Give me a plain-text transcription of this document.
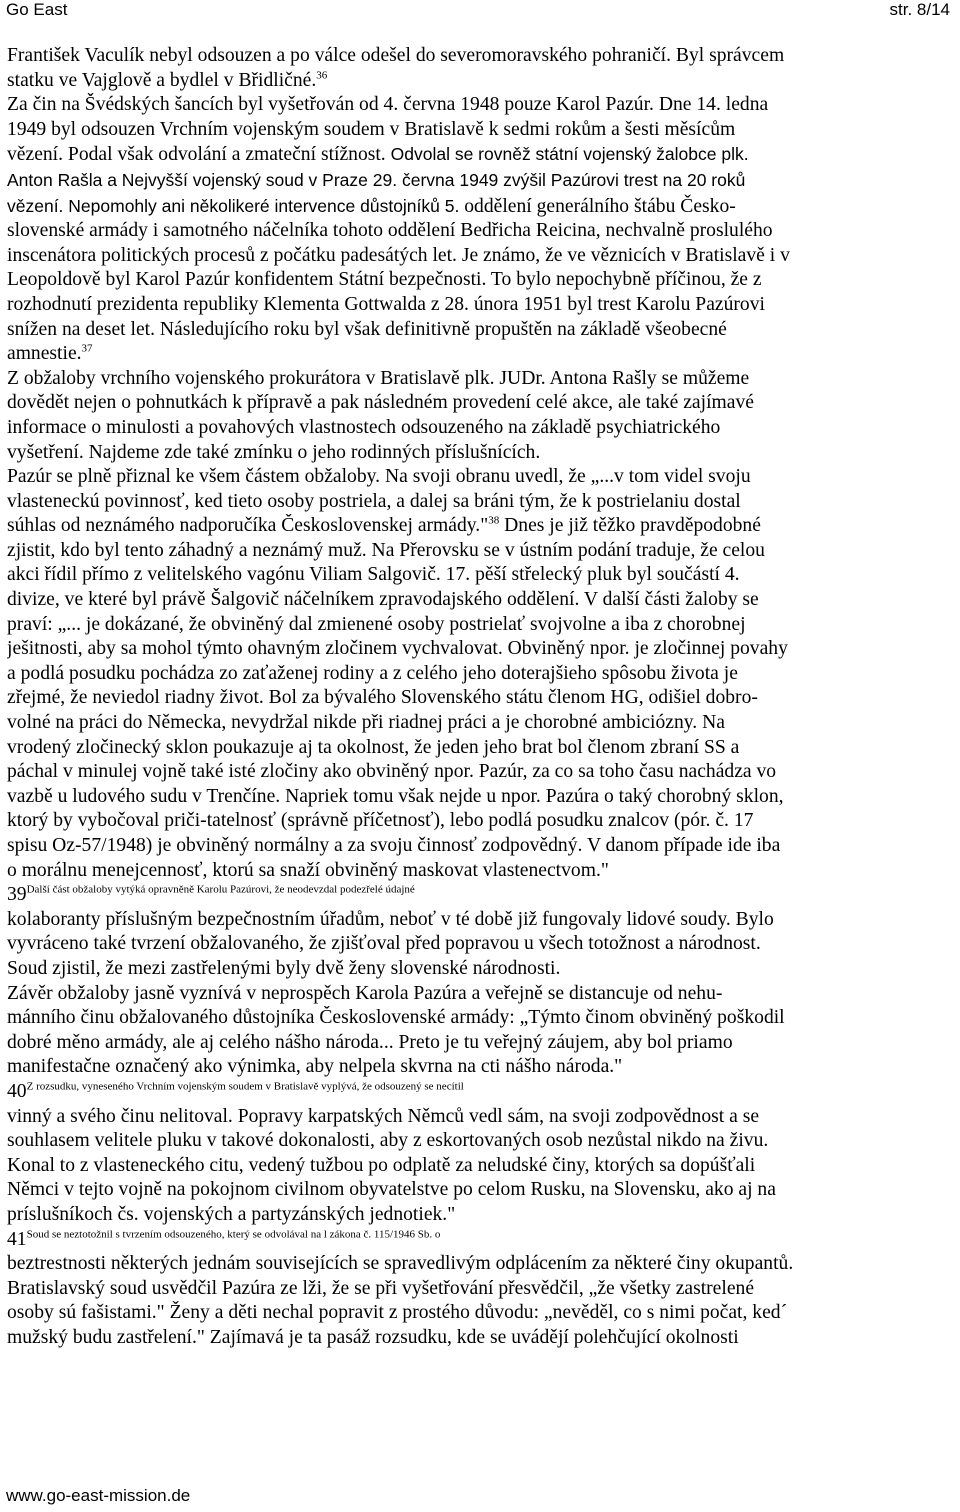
Go East	str. 8/14

František Vaculík nebyl odsouzen a po válce odešel do severomoravského pohraničí. Byl správcem
statku ve Vajglově a bydlel v Břidličné.$^{36}$
Za čin na Švédských šancích byl vyšetřován od 4. června 1948 pouze Karol Pazúr. Dne 14. ledna
1949 byl odsouzen Vrchním vojenským soudem v Bratislavě k sedmi rokům a šesti měsícům
vězení. Podal však odvolání a zmateční stížnost. Odvolal se rovněž státní vojenský žalobce plk.
Anton Rašla a Nejvyšší vojenský soud v Praze 29. června 1949 zvýšil Pazúrovi trest na 20 roků
vězení. Nepomohly ani několikeré intervence důstojníků 5. oddělení generálního štábu Česko-
slovenské armády i samotného náčelníka tohoto oddělení Bedřicha Reicina, nechvalně proslulého
inscenátora politických procesů z počátku padesátých let. Je známo, že ve věznicích v Bratislavě i v
Leopoldově byl Karol Pazúr konfidentem Státní bezpečnosti. To bylo nepochybně příčinou, že z
rozhodnutí prezidenta republiky Klementa Gottwalda z 28. února 1951 byl trest Karolu Pazúrovi
snížen na deset let. Následujícího roku byl však definitivně propuštěn na základě všeobecné
amnestie.$^{37}$

Z obžaloby vrchního vojenského prokurátora v Bratislavě plk. JUDr. Antona Rašly se můžeme
dovědět nejen o pohnutkách k přípravě a pak následném provedení celé akce, ale také zajímavé
informace o minulosti a povahových vlastnostech odsouzeného na základě psychiatrického
vyšetření. Najdeme zde také zmínku o jeho rodinných příslušnících.

Pazúr se plně přiznal ke všem částem obžaloby. Na svoji obranu uvedl, že „...v tom videl svoju
vlasteneckú povinnosť, ked tieto osoby postriela, a dalej sa bráni tým, že k postrielaniu dostal
súhlas od neznámého nadporučíka Československej armády."$^{38}$ Dnes je již těžko pravděpodobné
zjistit, kdo byl tento záhadný a neznámý muž. Na Přerovsku se v ústním podání traduje, že celou
akci řídil přímo z velitelského vagónu Viliam Salgovič. 17. pěší střelecký pluk byl součástí 4.
divize, ve které byl právě Šalgovič náčelníkem zpravodajského oddělení. V další části žaloby se
praví: „... je dokázané, že obviněný dal zmienené osoby postrielať svojvolne a iba z chorobnej
ješitnosti, aby sa mohol týmto ohavným zločinem vychvalovat. Obviněný npor. je zločinnej povahy
a podlá posudku pochádza zo zaťaženej rodiny a z celého jeho doterajšieho spôsobu života je
zřejmé, že neviedol riadny život. Bol za bývalého Slovenského státu členom HG, odišiel dobro-
volné na práci do Německa, nevydržal nikde při riadnej práci a je chorobné ambiciózny. Na
vrodený zločinecký sklon poukazuje aj ta okolnost, že jeden jeho brat bol členom zbraní SS a
páchal v minulej vojně také isté zločiny ako obviněný npor. Pazúr, za co sa toho času nachádza vo
vazbě u ludového sudu v Trenčíne. Napriek tomu však nejde u npor. Pazúra o taký chorobný sklon,
ktorý by vybočoval priči-tatelnosť (správně příčetnosť), lebo podlá posudku znalcov (pór. č. 17
spisu Oz-57/1948) je obviněný normálny a za svoju činnosť zodpovědný. V danom případe ide iba
o morálnu menejcennosť, ktorú sa snaží obviněný maskovat vlastenectvom."
$39^{Další část obžaloby vytýká opravněně Karolu Pazúrovi, že neodevzdal podezřelé údajné}$

kolaboranty příslušným bezpečnostním úřadům, neboť v té době již fungovaly lidové soudy. Bylo
vyvráceno také tvrzení obžalovaného, že zjišťoval před popravou u všech totožnost a národnost.
Soud zjistil, že mezi zastřelenými byly dvě ženy slovenské národnosti.
Závěr obžaloby jasně vyznívá v neprospěch Karola Pazúra a veřejně se distancuje od nehu-

mánního činu obžalovaného důstojníka Československé armády: „Týmto činom obviněný poškodil
dobré měno armády, ale aj celého nášho národa... Preto je tu veřejný záujem, aby bol priamo
manifestačne označený ako výnimka, aby nelpela skvrna na cti nášho národa."
$40^{Z rozsudku, vyneseného Vrchním vojenským soudem v Bratislavě vyplývá, že odsouzený se necítil}$

vinný a svého činu nelitoval. Popravy karpatských Němců vedl sám, na svoji zodpovědnost a se
souhlasem velitele pluku v takové dokonalosti, aby z eskortovaných osob nezůstal nikdo na živu.
Konal to z vlasteneckého citu, vedený tužbou po odplatě za neludské činy, ktorých sa dopúšťali
Němci v tejto vojně na pokojnom civilnom obyvatelstve po celom Rusku, na Slovensku, ako aj na
príslušníkoch čs. vojenských a partyzánských jednotiek."
$41^{Soud se neztotožnil s tvrzením odsouzeného, který se odvolával na l zákona č. 115/1946 Sb. o}$

beztrestnosti některých jednám souvisejících se spravedlivým odplácením za některé činy okupantů.
Bratislavský soud usvědčil Pazúra ze lži, že se při vyšetřování přesvědčil, „že všetky zastrelené
osoby sú fašistami." Ženy a děti nechal popravit z prostého důvodu: „nevěděl, co s nimi počat, ked´
mužský budu zastřelení." Zajímavá je ta pasáž rozsudku, kde se uvádějí polehčující okolnosti

www.go-east-mission.de
